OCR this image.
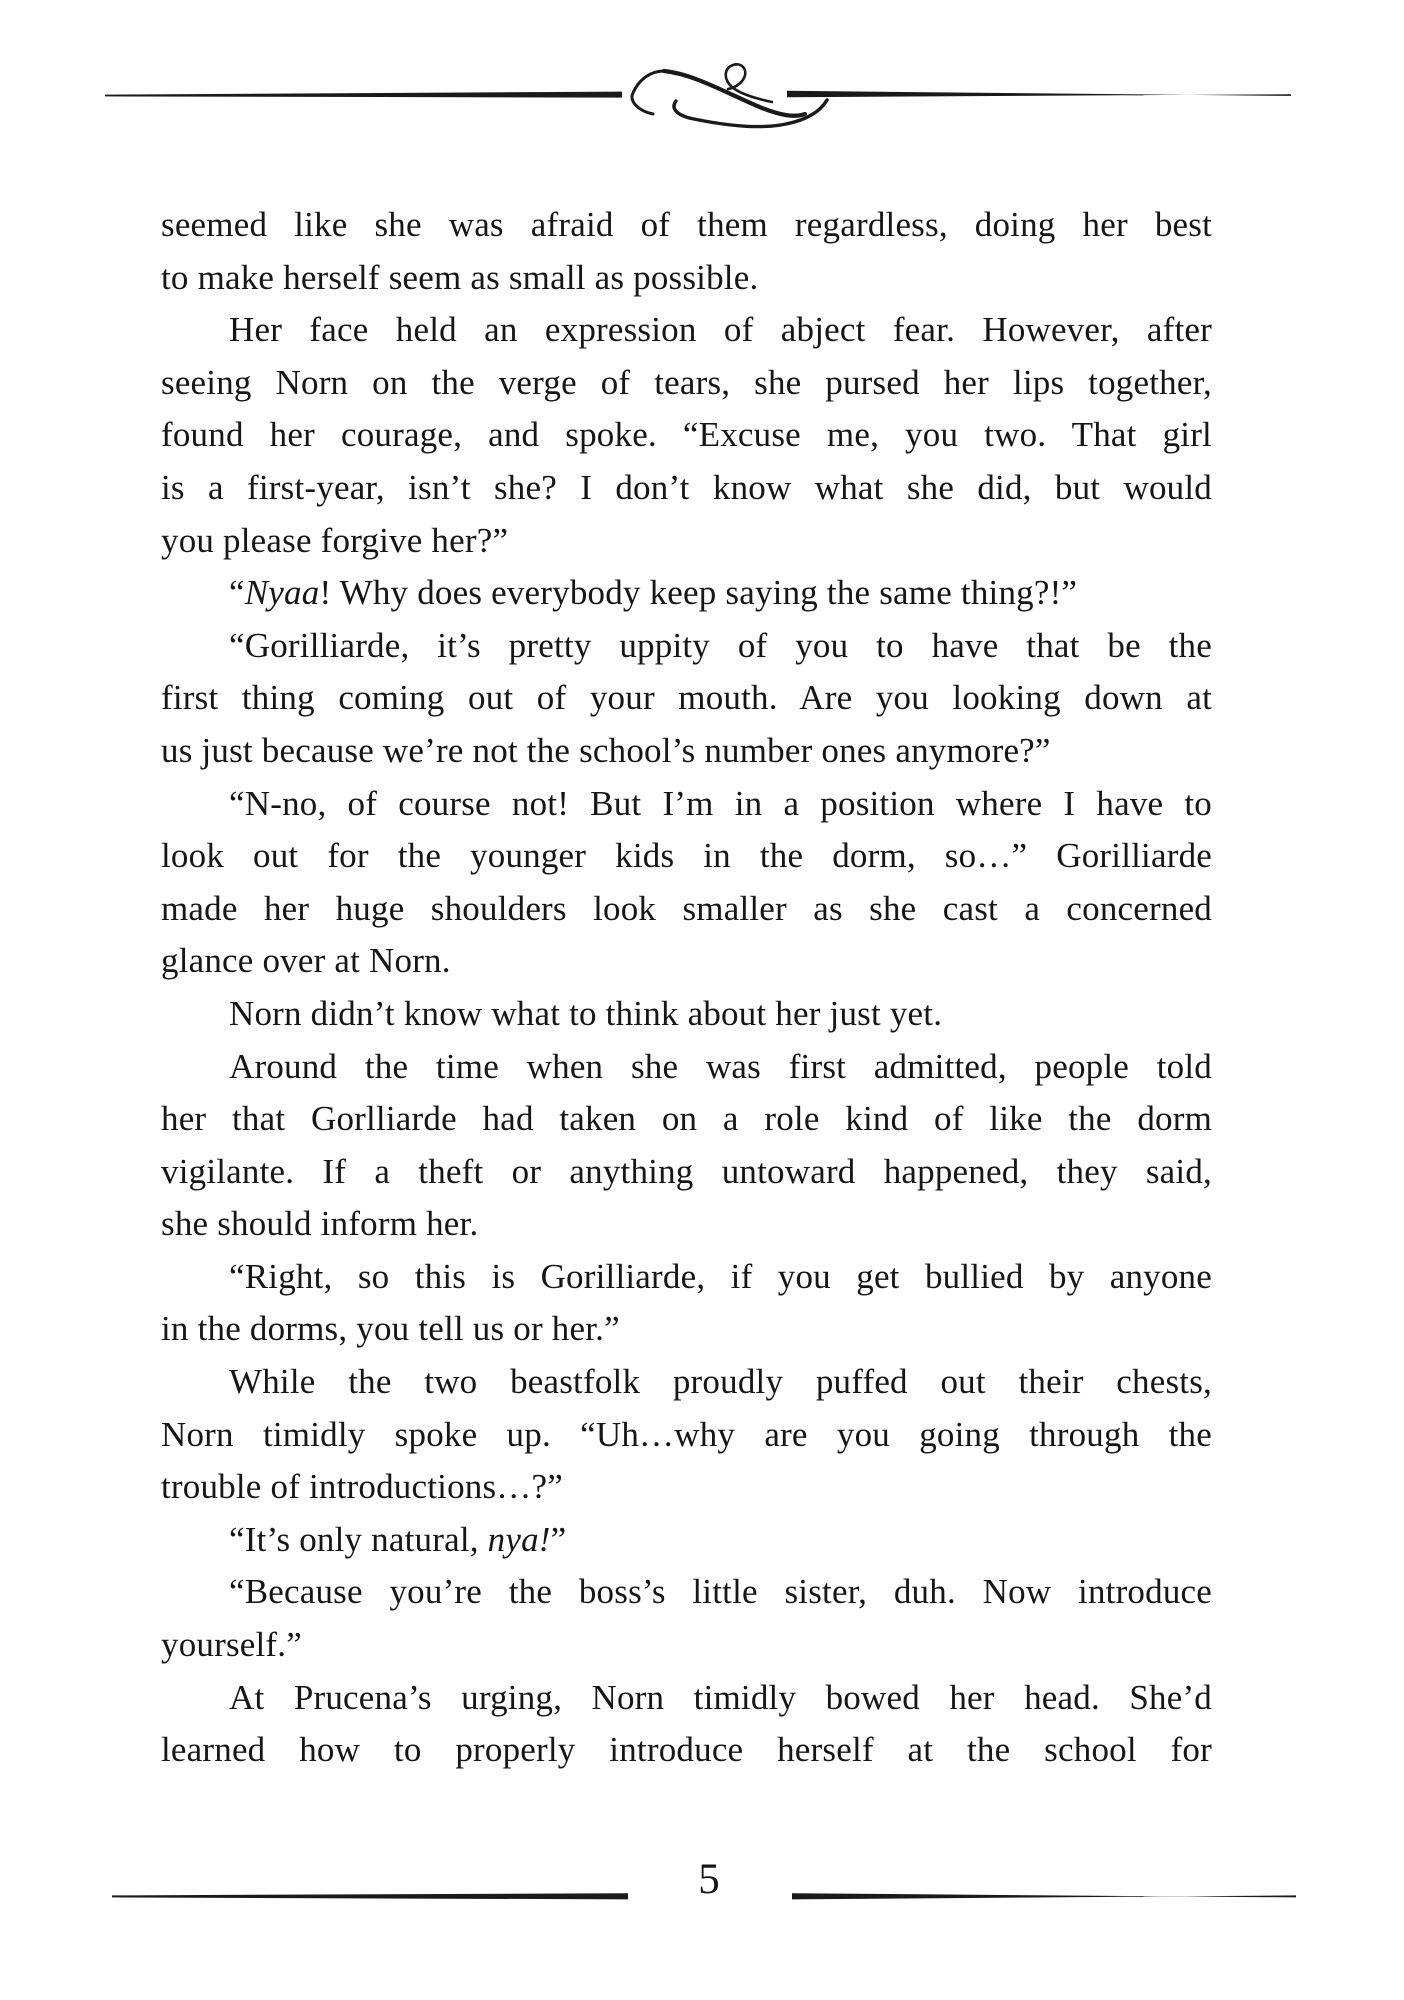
seemed like she was afraid of them regardless, doing her best
to make herself seem as small as possible.
Her face held an expression of abject fear. However, after
seeing Norn on the verge of tears, she pursed her lips together,
found her courage, and spoke. “Excuse me, you two. That girl
is a first-year, isn’t she? I don’t know what she did, but would
you please forgive her?”
“Nyaa! Why does everybody keep saying the same thing?!”
“Gorilliarde, it’s pretty uppity of you to have that be the
first thing coming out of your mouth. Are you looking down at
us just because we’re not the school’s number ones anymore?”
“N-no, of course not! But I’m in a position where I have to
look out for the younger kids in the dorm, so…” Gorilliarde
made her huge shoulders look smaller as she cast a concerned
glance over at Norn.
Norn didn’t know what to think about her just yet.
Around the time when she was first admitted, people told
her that Gorlliarde had taken on a role kind of like the dorm
vigilante. If a theft or anything untoward happened, they said,
she should inform her.
“Right, so this is Gorilliarde, if you get bullied by anyone
in the dorms, you tell us or her.”
While the two beastfolk proudly puffed out their chests,
Norn timidly spoke up. “Uh…why are you going through the
trouble of introductions…?”
“It’s only natural, nya!”
“Because you’re the boss’s little sister, duh. Now introduce
yourself.”
At Prucena’s urging, Norn timidly bowed her head. She’d
learned how to properly introduce herself at the school for
5
